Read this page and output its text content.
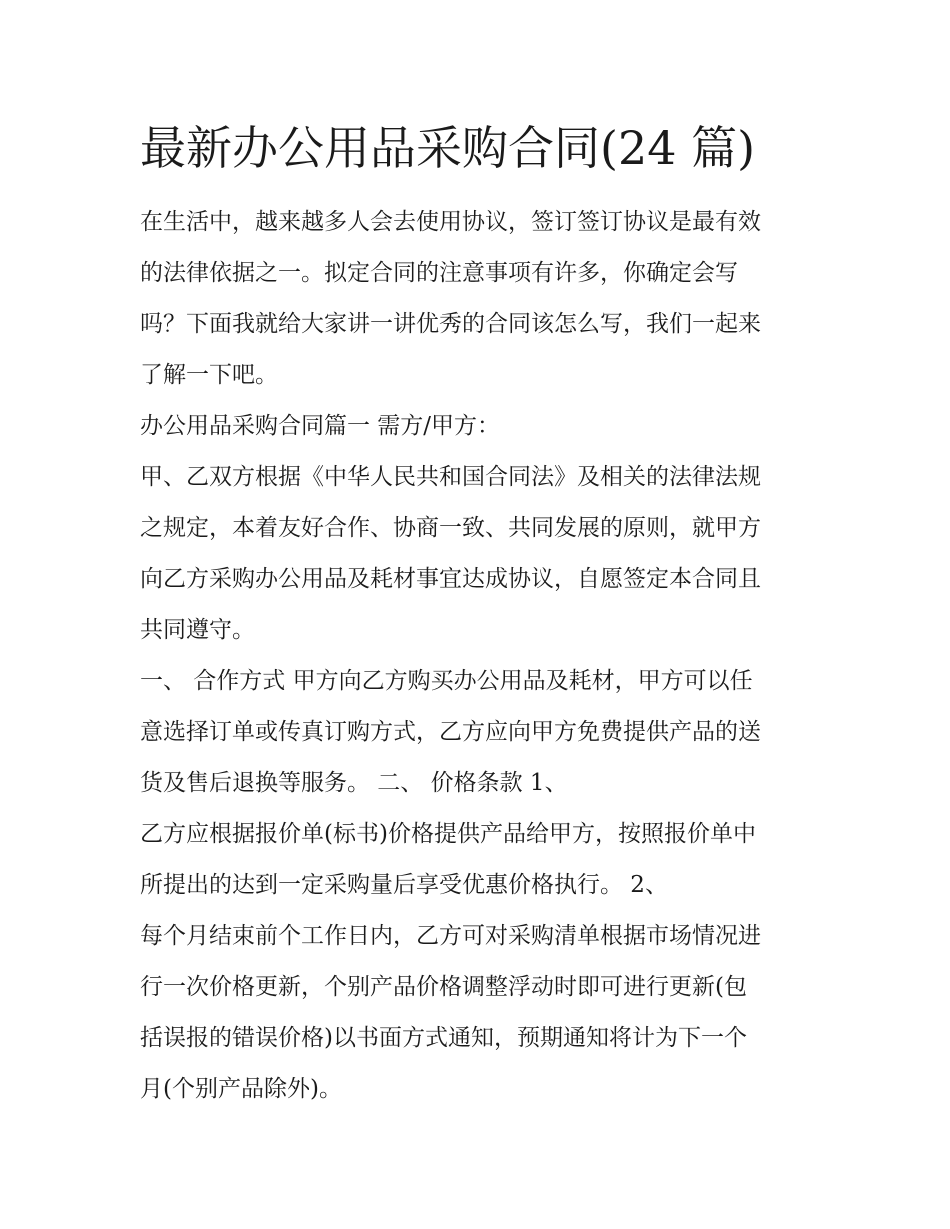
最新办公用品采购合同(24 篇)
在生活中，越来越多人会去使用协议，签订签订协议是最有效
的法律依据之一。拟定合同的注意事项有许多，你确定会写
吗？下面我就给大家讲一讲优秀的合同该怎么写，我们一起来
了解一下吧。
办公用品采购合同篇一 需方/甲方：
甲、乙双方根据《中华人民共和国合同法》及相关的法律法规
之规定，本着友好合作、协商一致、共同发展的原则，就甲方
向乙方采购办公用品及耗材事宜达成协议，自愿签定本合同且
共同遵守。
一、 合作方式 甲方向乙方购买办公用品及耗材，甲方可以任
意选择订单或传真订购方式，乙方应向甲方免费提供产品的送
货及售后退换等服务。 二、 价格条款 1、
乙方应根据报价单(标书)价格提供产品给甲方，按照报价单中
所提出的达到一定采购量后享受优惠价格执行。 2、
每个月结束前个工作日内，乙方可对采购清单根据市场情况进
行一次价格更新，个别产品价格调整浮动时即可进行更新(包
括误报的错误价格)以书面方式通知，预期通知将计为下一个
月(个别产品除外)。
